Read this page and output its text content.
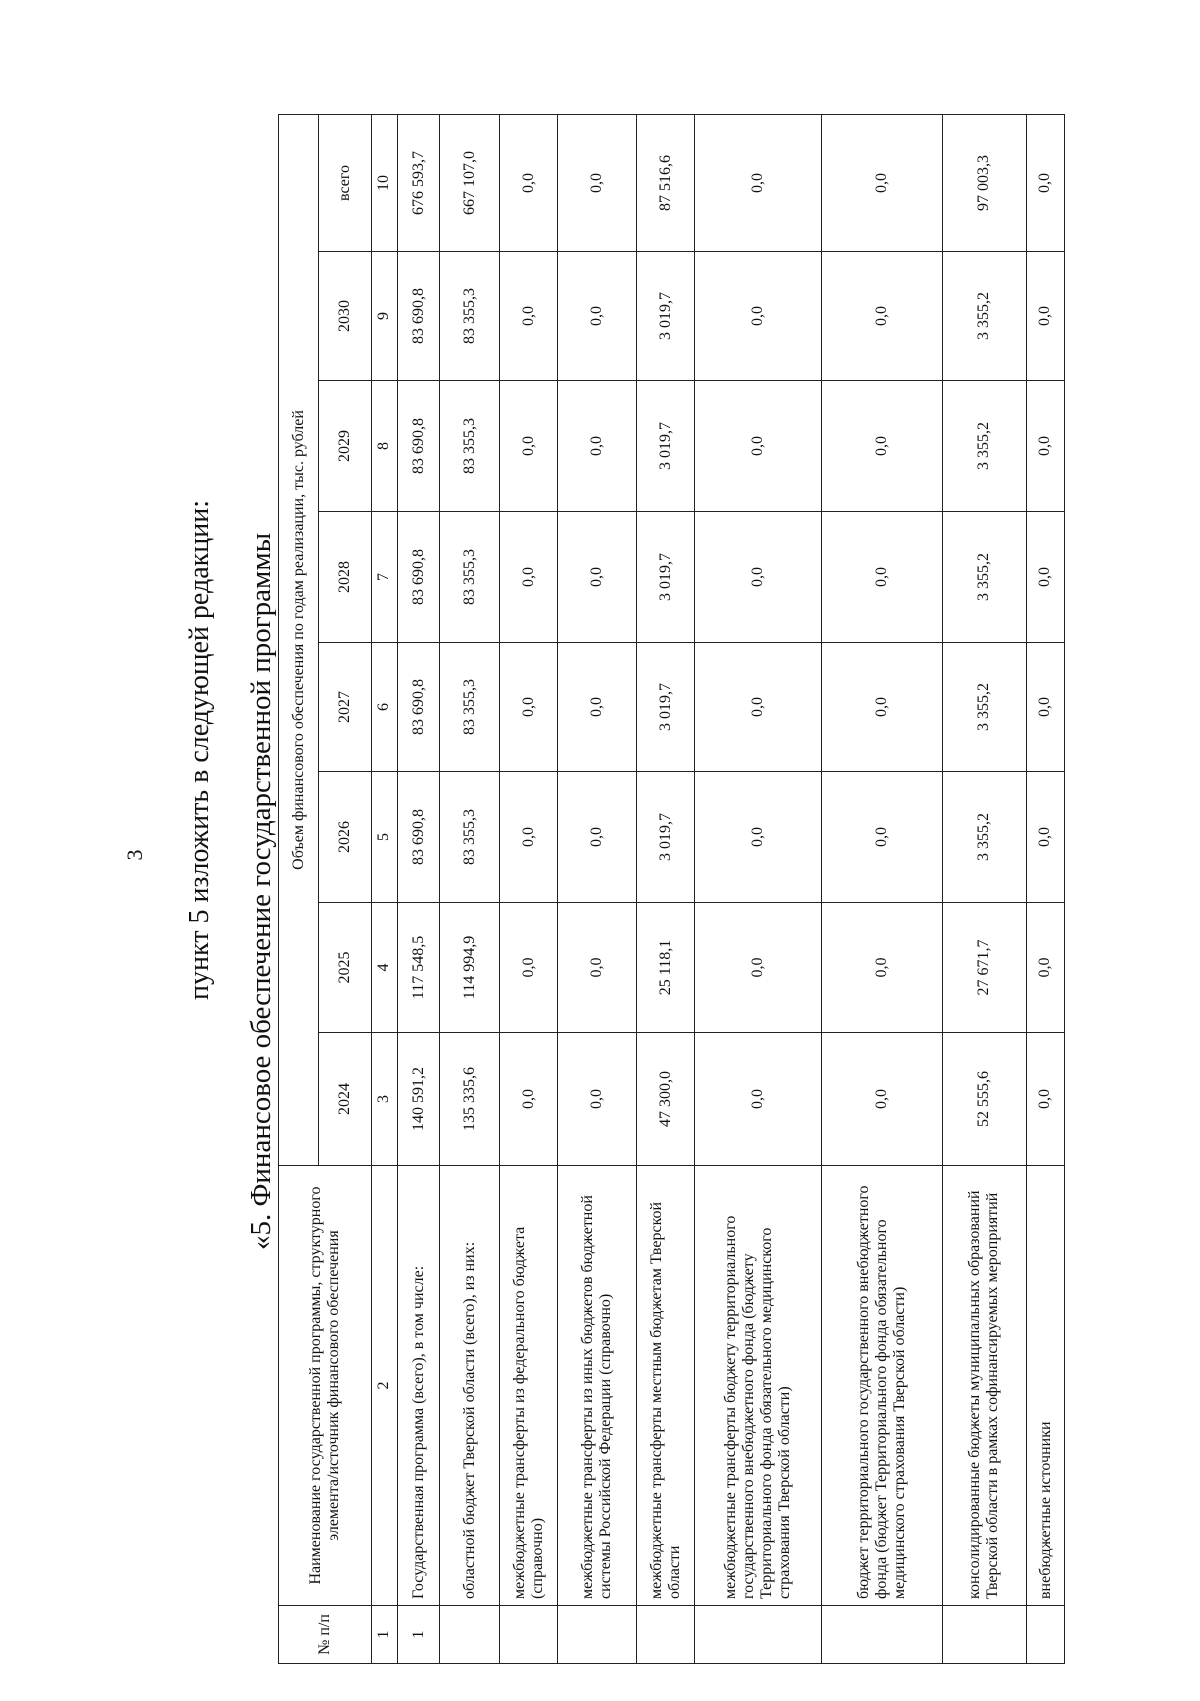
3 пункт 5 изложить в следующей редакции: «5. Финансовое обеспечение государственной программы
№ п/п	Наименование государственной программы, структурного элемента/источник финансового обеспечения	Объем финансового обеспечения по годам реализации, тыс. рублей							
		2024	2025	2026	2027	2028	2029	2030	всего
1	2	3	4	5	6	7	8	9	10
1	Государственная программа (всего), в том числе:	140 591,2	117 548,5	83 690,8	83 690,8	83 690,8	83 690,8	83 690,8	676 593,7
	областной бюджет Тверской области (всего), из них:	135 335,6	114 994,9	83 355,3	83 355,3	83 355,3	83 355,3	83 355,3	667 107,0
	межбюджетные трансферты из федерального бюджета (справочно)	0,0	0,0	0,0	0,0	0,0	0,0	0,0	0,0
	межбюджетные трансферты из иных бюджетов бюджетной системы Российской Федерации (справочно)	0,0	0,0	0,0	0,0	0,0	0,0	0,0	0,0
	межбюджетные трансферты местным бюджетам Тверской области	47 300,0	25 118,1	3 019,7	3 019,7	3 019,7	3 019,7	3 019,7	87 516,6
	межбюджетные трансферты бюджету территориального государственного внебюджетного фонда (бюджету Территориального фонда обязательного медицинского страхования Тверской области)	0,0	0,0	0,0	0,0	0,0	0,0	0,0	0,0
	бюджет территориального государственного внебюджетного фонда (бюджет Территориального фонда обязательного медицинского страхования Тверской области)	0,0	0,0	0,0	0,0	0,0	0,0	0,0	0,0
	консолидированные бюджеты муниципальных образований Тверской области в рамках софинансируемых мероприятий	52 555,6	27 671,7	3 355,2	3 355,2	3 355,2	3 355,2	3 355,2	97 003,3
	внебюджетные источники	0,0	0,0	0,0	0,0	0,0	0,0	0,0	0,0
